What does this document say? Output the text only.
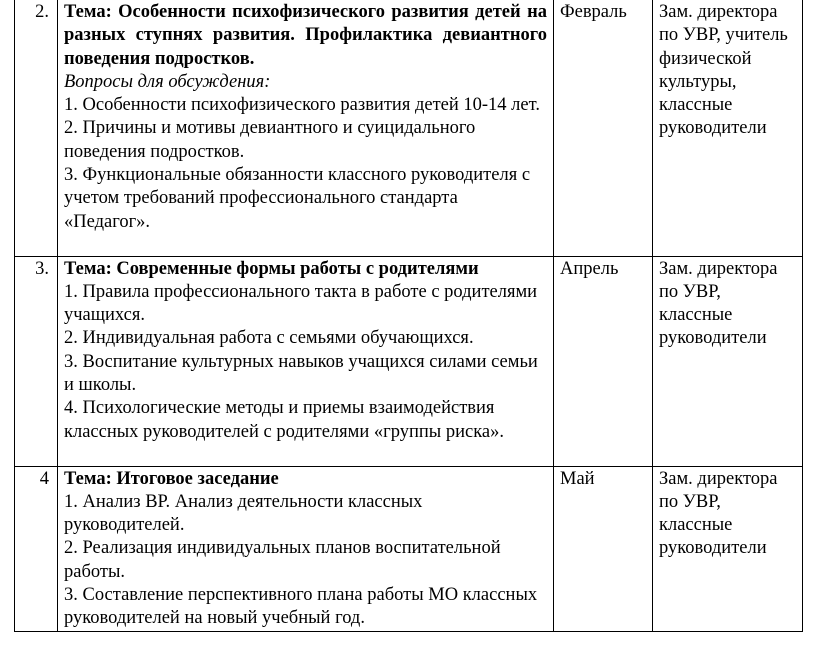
2.	Тема: Особенности психофизического развития детей на разных ступнях развития. Профилактика девиантного поведения подростков.
Вопросы для обсуждения:
1. Особенности психофизического развития детей 10-14 лет.
2. Причины и мотивы девиантного и суицидального поведения подростков.
3. Функциональные обязанности классного руководителя с учетом требований профессионального стандарта «Педагог».	Февраль	Зам. директора по УВР, учитель физической культуры, классные руководители
3.	Тема: Современные формы работы с родителями
1. Правила профессионального такта в работе с родителями учащихся.
2. Индивидуальная работа с семьями обучающихся.
3. Воспитание культурных навыков учащихся силами семьи и школы.
4. Психологические методы и приемы взаимодействия классных руководителей с родителями «группы риска».	Апрель	Зам. директора по УВР, классные руководители
4	Тема: Итоговое заседание
1. Анализ ВР. Анализ деятельности классных руководителей.
2. Реализация индивидуальных планов воспитательной работы.
3. Составление перспективного плана работы МО классных руководителей на новый учебный год.	Май	Зам. директора по УВР, классные руководители
